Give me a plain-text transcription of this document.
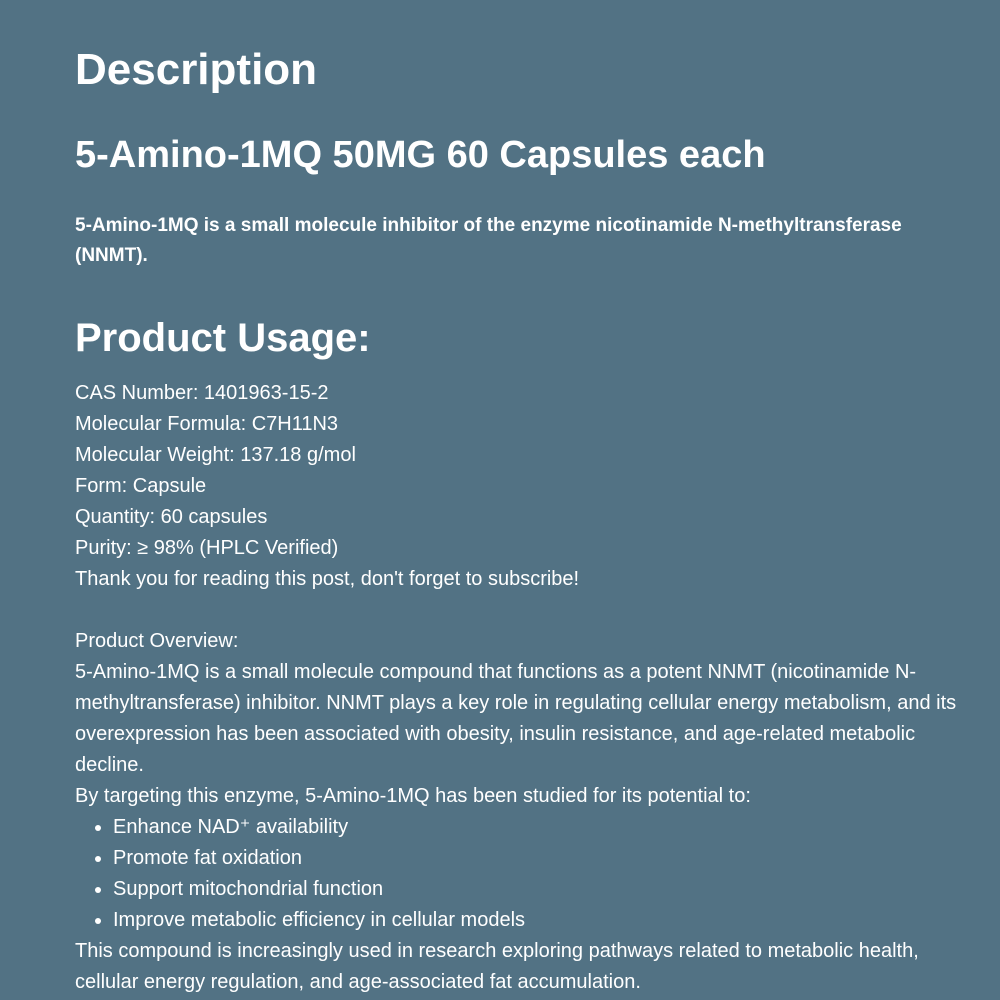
Description
5-Amino-1MQ 50MG 60 Capsules each

5-Amino-1MQ is a small molecule inhibitor of the enzyme nicotinamide N-methyltransferase (NNMT).

Product Usage:

CAS Number: 1401963-15-2

Molecular Formula: C7H11N3

Molecular Weight: 137.18 g/mol

Form: Capsule

Quantity: 60 capsules

Purity: ≥ 98% (HPLC Verified)

Thank you for reading this post, don't forget to subscribe!

Product Overview:

5-Amino-1MQ is a small molecule compound that functions as a potent NNMT (nicotinamide N-methyltransferase) inhibitor. NNMT plays a key role in regulating cellular energy metabolism, and its overexpression has been associated with obesity, insulin resistance, and age-related metabolic decline.

By targeting this enzyme, 5-Amino-1MQ has been studied for its potential to:

• Enhance NAD⁺ availability
• Promote fat oxidation
• Support mitochondrial function
• Improve metabolic efficiency in cellular models

This compound is increasingly used in research exploring pathways related to metabolic health, cellular energy regulation, and age-associated fat accumulation.
